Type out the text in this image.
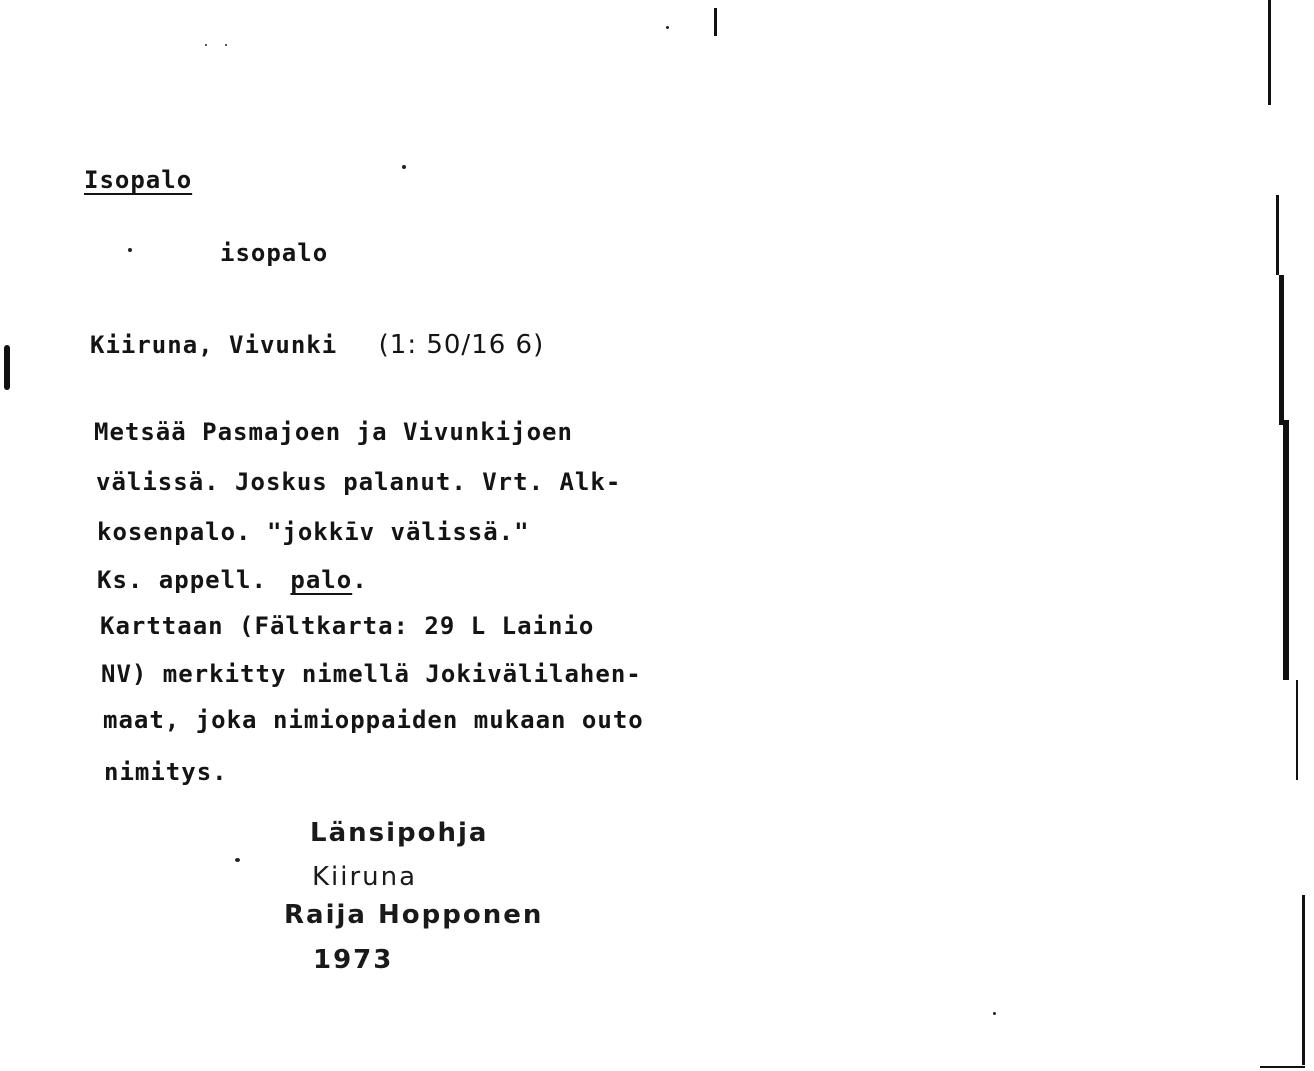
Isopalo
isopalo
Kiiruna, Vivunki (1: 50/16 6)
Metsää Pasmajoen ja Vivunkijoen
välissä. Joskus palanut. Vrt. Alk-
kosenpalo. "jokkīv välissä."
Ks. appell. palo.
Karttaan (Fältkarta: 29 L Lainio
NV) merkitty nimellä Jokivälilahen-
maat, joka nimioppaiden mukaan outo
nimitys.
Länsipohja
Kiiruna
Raija Hopponen
1973
